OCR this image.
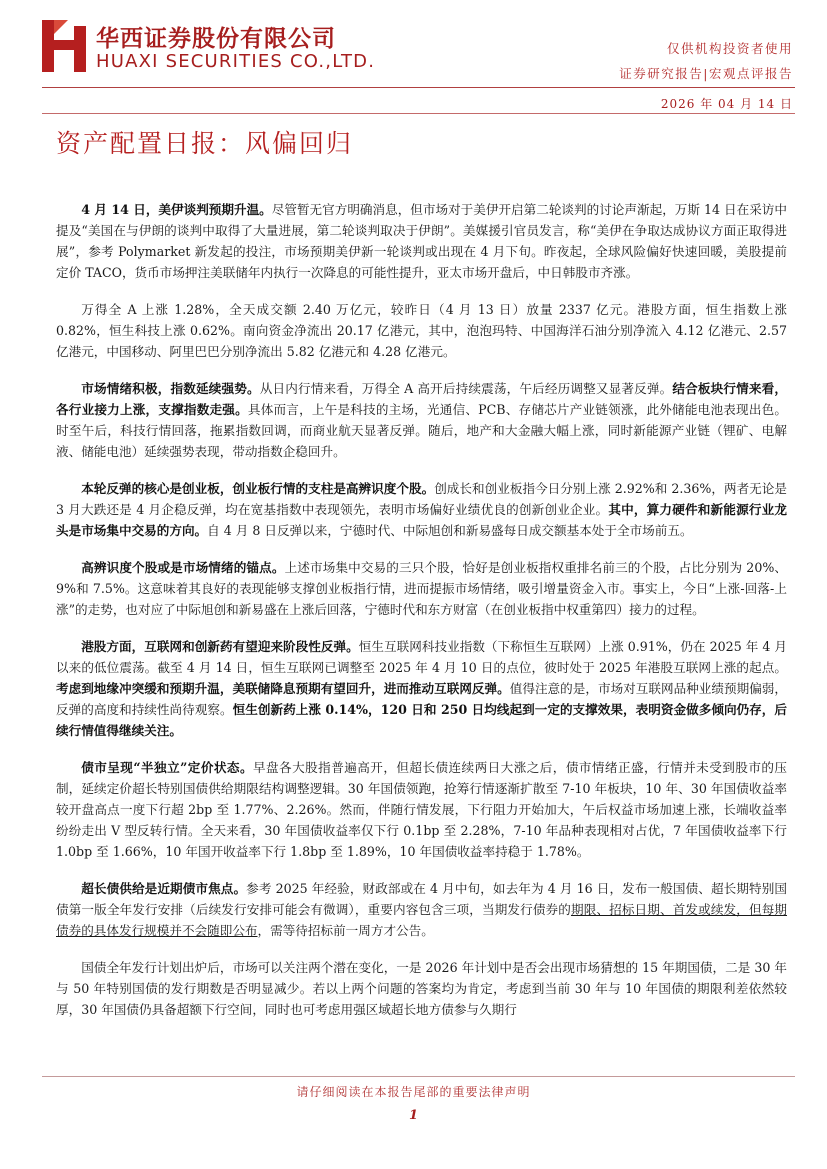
华西证券股份有限公司
HUAXI SECURITIES CO.,LTD.
仅供机构投资者使用
证券研究报告|宏观点评报告
2026 年 04 月 14 日
资产配置日报：风偏回归

4 月 14 日，美伊谈判预期升温。尽管暂无官方明确消息，但市场对于美伊开启第二轮谈判的讨论声渐起，万斯 14 日在采访中提及“美国在与伊朗的谈判中取得了大量进展，第二轮谈判取决于伊朗”。美媒援引官员发言，称“美伊在争取达成协议方面正取得进展”，参考 Polymarket 新发起的投注，市场预期美伊新一轮谈判或出现在 4 月下旬。昨夜起，全球风险偏好快速回暖，美股提前定价 TACO，货币市场押注美联储年内执行一次降息的可能性提升，亚太市场开盘后，中日韩股市齐涨。

万得全 A 上涨 1.28%，全天成交额 2.40 万亿元，较昨日（4 月 13 日）放量 2337 亿元。港股方面，恒生指数上涨 0.82%，恒生科技上涨 0.62%。南向资金净流出 20.17 亿港元，其中，泡泡玛特、中国海洋石油分别净流入 4.12 亿港元、2.57 亿港元，中国移动、阿里巴巴分别净流出 5.82 亿港元和 4.28 亿港元。

市场情绪积极，指数延续强势。从日内行情来看，万得全 A 高开后持续震荡，午后经历调整又显著反弹。结合板块行情来看，各行业接力上涨，支撑指数走强。具体而言，上午是科技的主场，光通信、PCB、存储芯片产业链领涨，此外储能电池表现出色。时至午后，科技行情回落，拖累指数回调，而商业航天显著反弹。随后，地产和大金融大幅上涨，同时新能源产业链（锂矿、电解液、储能电池）延续强势表现，带动指数企稳回升。

本轮反弹的核心是创业板，创业板行情的支柱是高辨识度个股。创成长和创业板指今日分别上涨 2.92%和 2.36%，两者无论是 3 月大跌还是 4 月企稳反弹，均在宽基指数中表现领先，表明市场偏好业绩优良的创新创业企业。其中，算力硬件和新能源行业龙头是市场集中交易的方向。自 4 月 8 日反弹以来，宁德时代、中际旭创和新易盛每日成交额基本处于全市场前五。

高辨识度个股或是市场情绪的锚点。上述市场集中交易的三只个股，恰好是创业板指权重排名前三的个股，占比分别为 20%、9%和 7.5%。这意味着其良好的表现能够支撑创业板指行情，进而提振市场情绪，吸引增量资金入市。事实上，今日“上涨-回落-上涨”的走势，也对应了中际旭创和新易盛在上涨后回落，宁德时代和东方财富（在创业板指中权重第四）接力的过程。

港股方面，互联网和创新药有望迎来阶段性反弹。恒生互联网科技业指数（下称恒生互联网）上涨 0.91%，仍在 2025 年 4 月以来的低位震荡。截至 4 月 14 日，恒生互联网已调整至 2025 年 4 月 10 日的点位，彼时处于 2025 年港股互联网上涨的起点。考虑到地缘冲突缓和预期升温，美联储降息预期有望回升，进而推动互联网反弹。值得注意的是，市场对互联网品种业绩预期偏弱，反弹的高度和持续性尚待观察。恒生创新药上涨 0.14%，120 日和 250 日均线起到一定的支撑效果，表明资金做多倾向仍存，后续行情值得继续关注。

债市呈现“半独立”定价状态。早盘各大股指普遍高开，但超长债连续两日大涨之后，债市情绪正盛，行情并未受到股市的压制，延续定价超长特别国债供给期限结构调整逻辑。30 年国债领跑，抢筹行情逐渐扩散至 7-10 年板块，10 年、30 年国债收益率较开盘高点一度下行超 2bp 至 1.77%、2.26%。然而，伴随行情发展，下行阻力开始加大，午后权益市场加速上涨，长端收益率纷纷走出 V 型反转行情。全天来看，30 年国债收益率仅下行 0.1bp 至 2.28%，7-10 年品种表现相对占优，7 年国债收益率下行 1.0bp 至 1.66%，10 年国开收益率下行 1.8bp 至 1.89%，10 年国债收益率持稳于 1.78%。

超长债供给是近期债市焦点。参考 2025 年经验，财政部或在 4 月中旬，如去年为 4 月 16 日，发布一般国债、超长期特别国债第一版全年发行安排（后续发行安排可能会有微调），重要内容包含三项，当期发行债券的期限、招标日期、首发或续发，但每期债券的具体发行规模并不会随即公布，需等待招标前一周方才公告。

国债全年发行计划出炉后，市场可以关注两个潜在变化，一是 2026 年计划中是否会出现市场猜想的 15 年期国债，二是 30 年与 50 年特别国债的发行期数是否明显减少。若以上两个问题的答案均为肯定，考虑到当前 30 年与 10 年国债的期限利差依然较厚，30 年国债仍具备超额下行空间，同时也可考虑用强区域超长地方债参与久期行

请仔细阅读在本报告尾部的重要法律声明
1
